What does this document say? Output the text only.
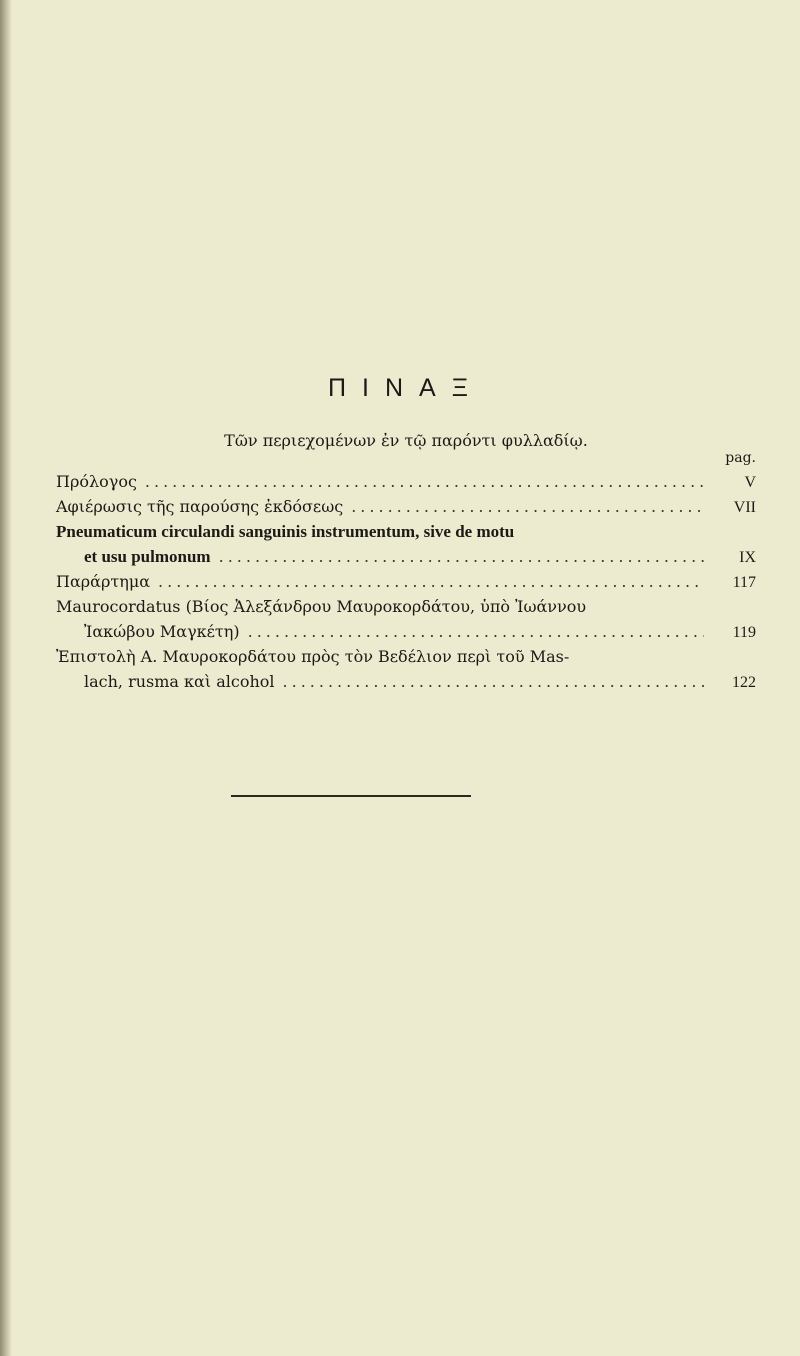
ΠΙΝΑΞ
Τῶν περιεχομένων ἐν τῷ παρόντι φυλλαδίῳ.
pag.
Πρόλογος .....	V
Αφιέρωσις τῆς παρούσης ἐκδόσεως .....	VII
Pneumaticum circulandi sanguinis instrumentum, sive de motu
et usu pulmonum .....	IX
Παράρτημα .....	117
Maurocordatus (Βίος Ἀλεξάνδρου Μαυροκορδάτου, ὑπὸ Ἰωάννου
Ἰακώβου Μαγκέτη) .....	119
Ἐπιστολὴ Α. Μαυροκορδάτου πρὸς τὸν Βεδέλιον περὶ τοῦ Mas-
lach, rusma καὶ alcohol .....	122
